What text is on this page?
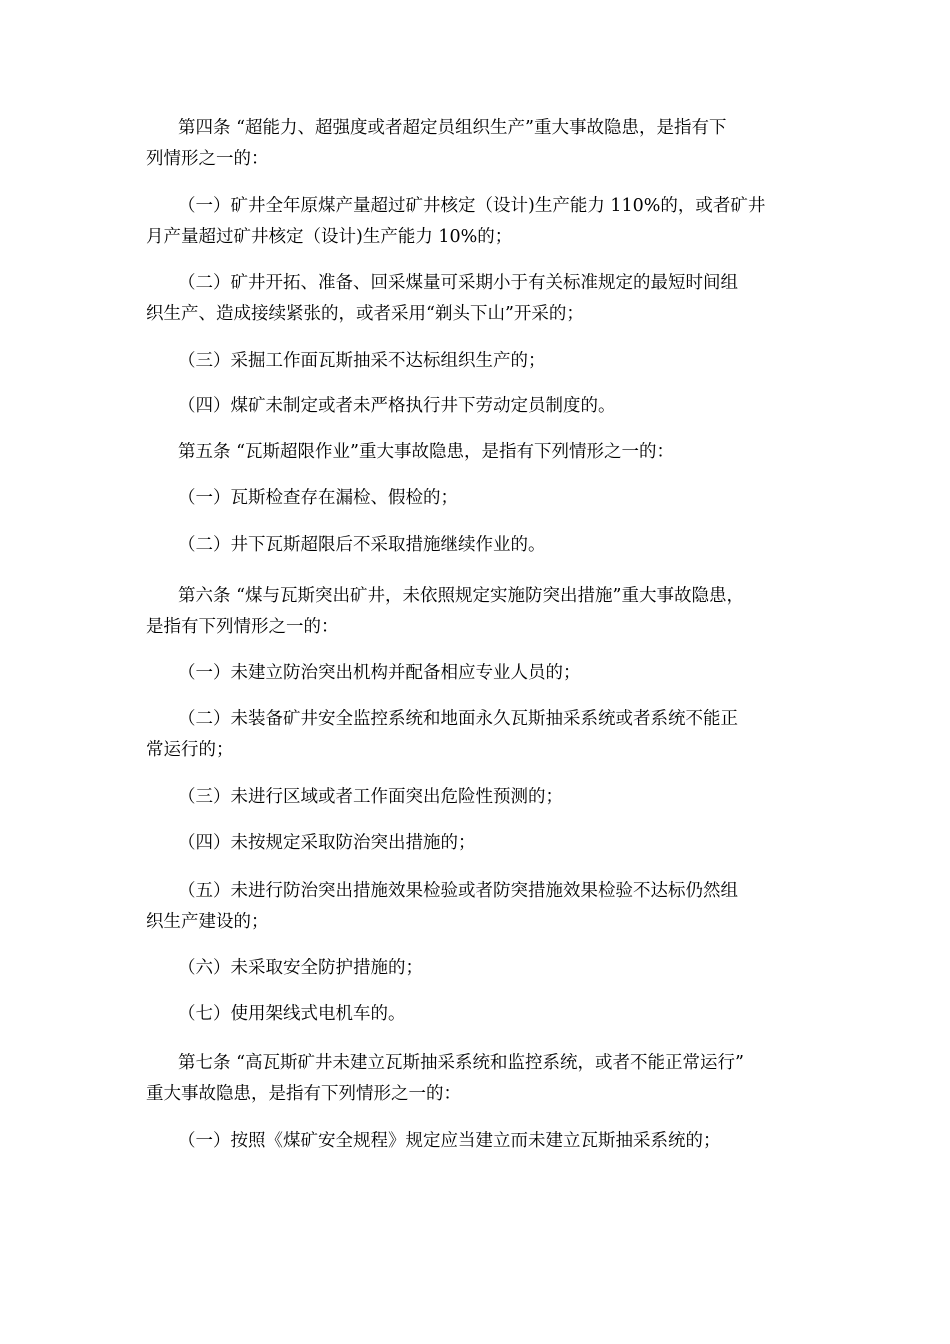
第四条 “超能力、超强度或者超定员组织生产”重大事故隐患，是指有下
列情形之一的：
（一）矿井全年原煤产量超过矿井核定（设计)生产能力 110%的，或者矿井
月产量超过矿井核定（设计)生产能力 10%的；
（二）矿井开拓、准备、回采煤量可采期小于有关标准规定的最短时间组
织生产、造成接续紧张的，或者采用“剃头下山”开采的；
（三）采掘工作面瓦斯抽采不达标组织生产的；
（四）煤矿未制定或者未严格执行井下劳动定员制度的。
第五条 “瓦斯超限作业”重大事故隐患，是指有下列情形之一的：
（一）瓦斯检查存在漏检、假检的；
（二）井下瓦斯超限后不采取措施继续作业的。
第六条 “煤与瓦斯突出矿井，未依照规定实施防突出措施”重大事故隐患，
是指有下列情形之一的：
（一）未建立防治突出机构并配备相应专业人员的；
（二）未装备矿井安全监控系统和地面永久瓦斯抽采系统或者系统不能正
常运行的；
（三）未进行区域或者工作面突出危险性预测的；
（四）未按规定采取防治突出措施的；
（五）未进行防治突出措施效果检验或者防突措施效果检验不达标仍然组
织生产建设的；
（六）未采取安全防护措施的；
（七）使用架线式电机车的。
第七条 “高瓦斯矿井未建立瓦斯抽采系统和监控系统，或者不能正常运行”
重大事故隐患，是指有下列情形之一的：
（一）按照《煤矿安全规程》规定应当建立而未建立瓦斯抽采系统的；
